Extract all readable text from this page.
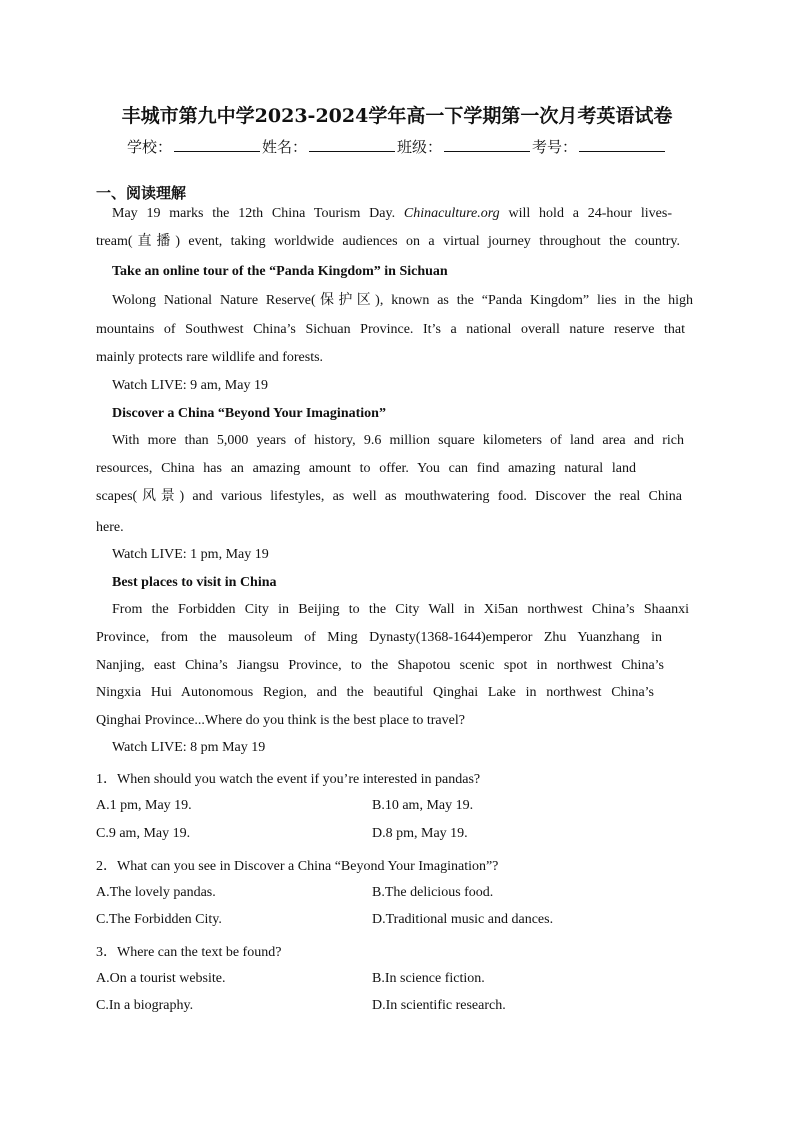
丰城市第九中学2023-2024学年高一下学期第一次月考英语试卷
学校：	姓名：	班级：	考号：
一、阅读理解
May 19 marks the 12th China Tourism Day. Chinaculture.org will hold a 24-hour lives-
tream(直播) event, taking worldwide audiences on a virtual journey throughout the country.
Take an online tour of the “Panda Kingdom” in Sichuan
Wolong National Nature Reserve(保护区), known as the “Panda Kingdom” lies in the high
mountains of Southwest China’s Sichuan Province. It’s a national overall nature reserve that
mainly protects rare wildlife and forests.
Watch LIVE: 9 am, May 19
Discover a China “Beyond Your Imagination”
With more than 5,000 years of history, 9.6 million square kilometers of land area and rich
resources, China has an amazing amount to offer. You can find amazing natural land
scapes(风景) and various lifestyles, as well as mouthwatering food. Discover the real China
here.
Watch LIVE: 1 pm, May 19
Best places to visit in China
From the Forbidden City in Beijing to the City Wall in Xi5an northwest China’s Shaanxi
Province, from the mausoleum of Ming Dynasty(1368-1644)emperor Zhu Yuanzhang in
Nanjing, east China’s Jiangsu Province, to the Shapotou scenic spot in northwest China’s
Ningxia Hui Autonomous Region, and the beautiful Qinghai Lake in northwest China’s
Qinghai Province...Where do you think is the best place to travel?
Watch LIVE: 8 pm May 19
1．When should you watch the event if you’re interested in pandas?
A.1 pm, May 19.	B.10 am, May 19.
C.9 am, May 19.	D.8 pm, May 19.
2．What can you see in Discover a China “Beyond Your Imagination”?
A.The lovely pandas.	B.The delicious food.
C.The Forbidden City.	D.Traditional music and dances.
3．Where can the text be found?
A.On a tourist website.	B.In science fiction.
C.In a biography.	D.In scientific research.
